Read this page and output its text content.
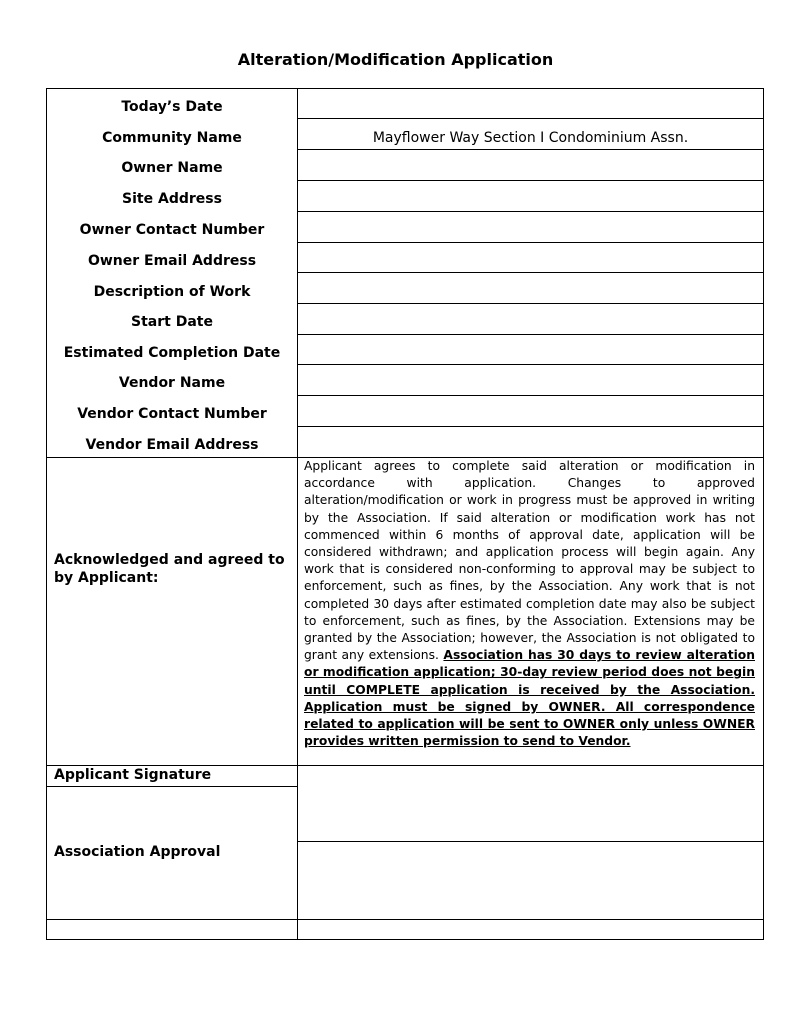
Alteration/Modification Application
Today’s Date
Community Name
Owner Name
Site Address
Owner Contact Number
Owner Email Address
Description of Work
Start Date
Estimated Completion Date
Vendor Name
Vendor Contact Number
Vendor Email Address
Mayflower Way Section I Condominium Assn.
Acknowledged and agreed to by Applicant:
Applicant agrees to complete said alteration or modification in accordance with application. Changes to approved alteration/modification or work in progress must be approved in writing by the Association. If said alteration or modification work has not commenced within 6 months of approval date, application will be considered withdrawn; and application process will begin again. Any work that is considered non-conforming to approval may be subject to enforcement, such as fines, by the Association. Any work that is not completed 30 days after estimated completion date may also be subject to enforcement, such as fines, by the Association. Extensions may be granted by the Association; however, the Association is not obligated to grant any extensions. Association has 30 days to review alteration or modification application; 30-day review period does not begin until COMPLETE application is received by the Association. Application must be signed by OWNER. All correspondence related to application will be sent to OWNER only unless OWNER provides written permission to send to Vendor.
Applicant Signature
Association Approval
